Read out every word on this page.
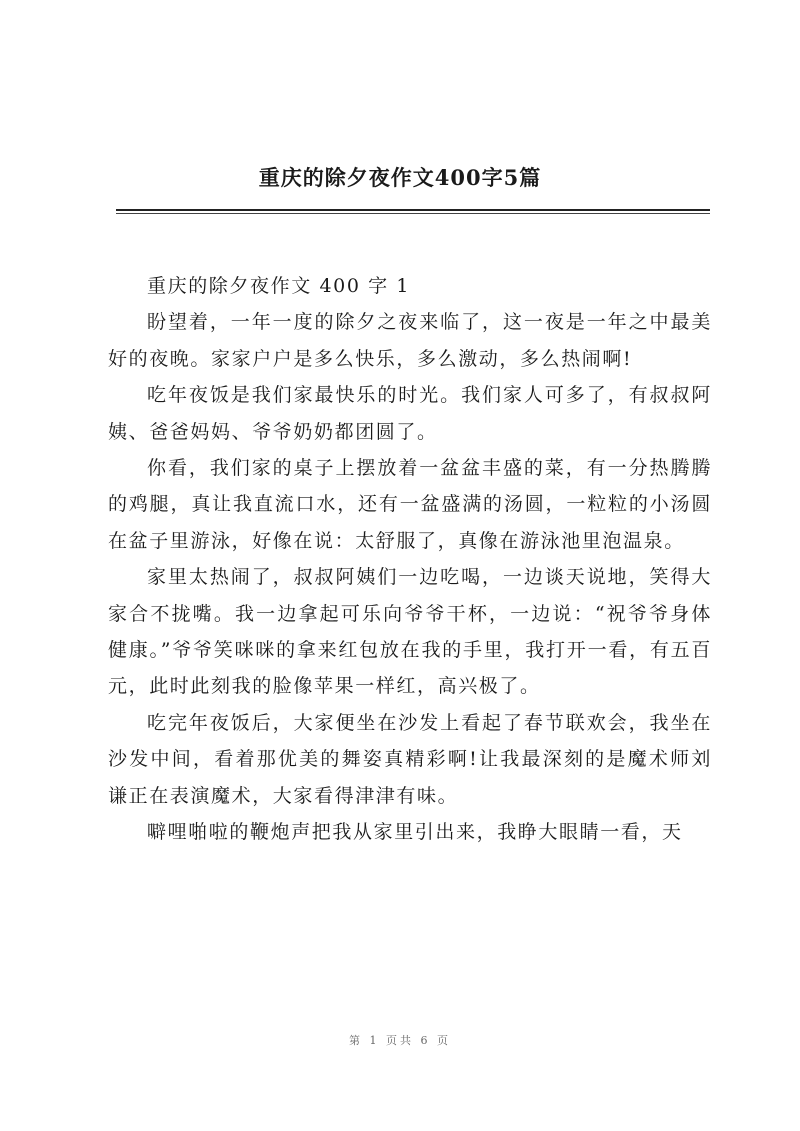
重庆的除夕夜作文400字5篇

重庆的除夕夜作文 400 字 1

盼望着，一年一度的除夕之夜来临了，这一夜是一年之中最美好的夜晚。家家户户是多么快乐，多么激动，多么热闹啊!

吃年夜饭是我们家最快乐的时光。我们家人可多了，有叔叔阿姨、爸爸妈妈、爷爷奶奶都团圆了。

你看，我们家的桌子上摆放着一盆盆丰盛的菜，有一分热腾腾的鸡腿，真让我直流口水，还有一盆盛满的汤圆，一粒粒的小汤圆在盆子里游泳，好像在说：太舒服了，真像在游泳池里泡温泉。

家里太热闹了，叔叔阿姨们一边吃喝，一边谈天说地，笑得大家合不拢嘴。我一边拿起可乐向爷爷干杯，一边说：“祝爷爷身体健康。”爷爷笑咪咪的拿来红包放在我的手里，我打开一看，有五百元，此时此刻我的脸像苹果一样红，高兴极了。

吃完年夜饭后，大家便坐在沙发上看起了春节联欢会，我坐在沙发中间，看着那优美的舞姿真精彩啊!让我最深刻的是魔术师刘谦正在表演魔术，大家看得津津有味。

噼哩啪啦的鞭炮声把我从家里引出来，我睁大眼睛一看，天

第 1 页共 6 页
